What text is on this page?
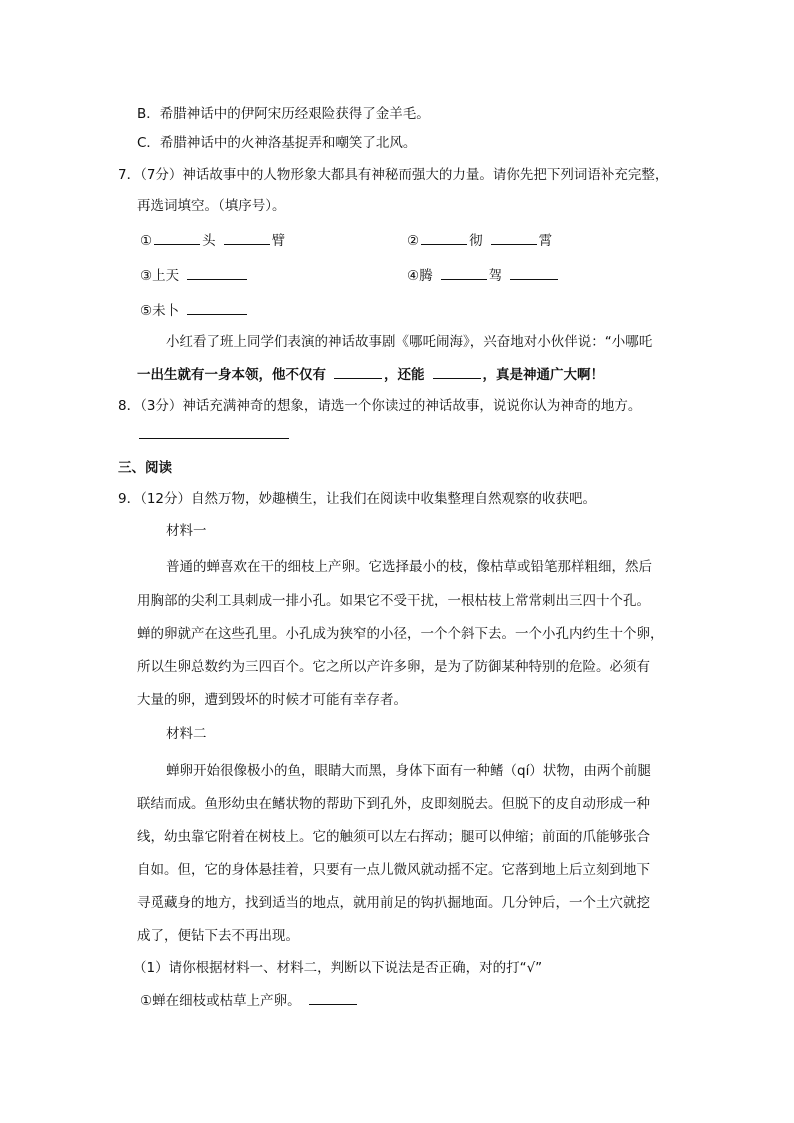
B．希腊神话中的伊阿宋历经艰险获得了金羊毛。
C．希腊神话中的火神洛基捉弄和嘲笑了北风。
7．（7分）神话故事中的人物形象大都具有神秘而强大的力量。请你先把下列词语补充完整，
再选词填空。（填序号）。
①	头	臂	②	彻	霄
③上天	④腾	驾
⑤未卜
小红看了班上同学们表演的神话故事剧《哪吒闹海》，兴奋地对小伙伴说：“小哪吒
一出生就有一身本领，他不仅有	，还能	，真是神通广大啊！
8．（3分）神话充满神奇的想象，请选一个你读过的神话故事，说说你认为神奇的地方。
三、阅读
9．（12分）自然万物，妙趣横生，让我们在阅读中收集整理自然观察的收获吧。
材料一
普通的蝉喜欢在干的细枝上产卵。它选择最小的枝，像枯草或铅笔那样粗细，然后
用胸部的尖利工具刺成一排小孔。如果它不受干扰，一根枯枝上常常刺出三四十个孔。
蝉的卵就产在这些孔里。小孔成为狭窄的小径，一个个斜下去。一个小孔内约生十个卵，
所以生卵总数约为三四百个。它之所以产许多卵，是为了防御某种特别的危险。必须有
大量的卵，遭到毁坏的时候才可能有幸存者。
材料二
蝉卵开始很像极小的鱼，眼睛大而黑，身体下面有一种鳍（qí）状物，由两个前腿
联结而成。鱼形幼虫在鳍状物的帮助下到孔外，皮即刻脱去。但脱下的皮自动形成一种
线，幼虫靠它附着在树枝上。它的触须可以左右挥动；腿可以伸缩；前面的爪能够张合
自如。但，它的身体悬挂着，只要有一点儿微风就动摇不定。它落到地上后立刻到地下
寻觅藏身的地方，找到适当的地点，就用前足的钩扒掘地面。几分钟后，一个土穴就挖
成了，便钻下去不再出现。
（1）请你根据材料一、材料二，判断以下说法是否正确，对的打“√”
①蝉在细枝或枯草上产卵。
